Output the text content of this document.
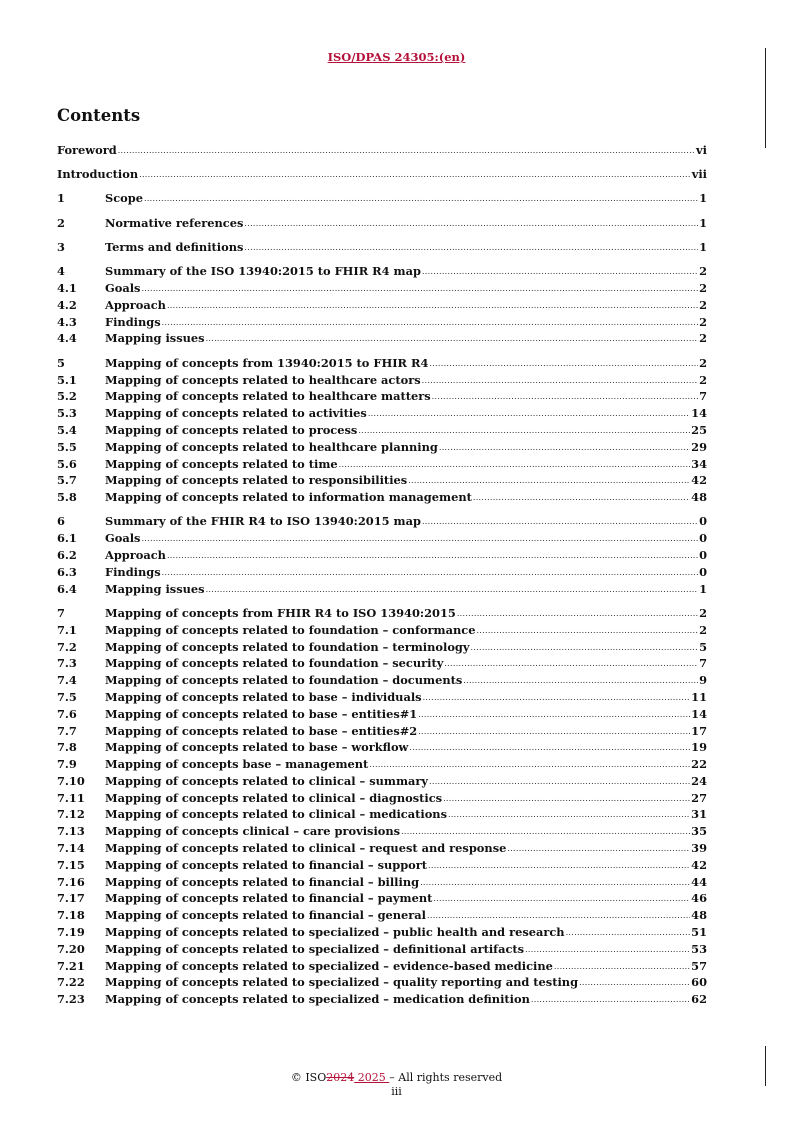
ISO/DPAS 24305:(en)
Contents
Foreword .....	vi
Introduction .....	vii
1	Scope .....	1
2	Normative references .....	1
3	Terms and definitions .....	1
4	Summary of the ISO 13940:2015 to FHIR R4 map .....	2
4.1	Goals .....	2
4.2	Approach .....	2
4.3	Findings .....	2
4.4	Mapping issues .....	2
5	Mapping of concepts from 13940:2015 to FHIR R4 .....	2
5.1	Mapping of concepts related to healthcare actors .....	2
5.2	Mapping of concepts related to healthcare matters .....	7
5.3	Mapping of concepts related to activities .....	14
5.4	Mapping of concepts related to process .....	25
5.5	Mapping of concepts related to healthcare planning .....	29
5.6	Mapping of concepts related to time .....	34
5.7	Mapping of concepts related to responsibilities .....	42
5.8	Mapping of concepts related to information management .....	48
6	Summary of the FHIR R4 to ISO 13940:2015 map .....	0
6.1	Goals .....	0
6.2	Approach .....	0
6.3	Findings .....	0
6.4	Mapping issues .....	1
7	Mapping of concepts from FHIR R4 to ISO 13940:2015 .....	2
7.1	Mapping of concepts related to foundation – conformance .....	2
7.2	Mapping of concepts related to foundation – terminology .....	5
7.3	Mapping of concepts related to foundation – security .....	7
7.4	Mapping of concepts related to foundation – documents .....	9
7.5	Mapping of concepts related to base – individuals .....	11
7.6	Mapping of concepts related to base – entities#1 .....	14
7.7	Mapping of concepts related to base – entities#2 .....	17
7.8	Mapping of concepts related to base – workflow .....	19
7.9	Mapping of concepts base – management .....	22
7.10	Mapping of concepts related to clinical – summary .....	24
7.11	Mapping of concepts related to clinical – diagnostics .....	27
7.12	Mapping of concepts related to clinical – medications .....	31
7.13	Mapping of concepts clinical – care provisions .....	35
7.14	Mapping of concepts related to clinical – request and response .....	39
7.15	Mapping of concepts related to financial – support .....	42
7.16	Mapping of concepts related to financial – billing .....	44
7.17	Mapping of concepts related to financial – payment .....	46
7.18	Mapping of concepts related to financial – general .....	48
7.19	Mapping of concepts related to specialized – public health and research .....	51
7.20	Mapping of concepts related to specialized – definitional artifacts .....	53
7.21	Mapping of concepts related to specialized – evidence-based medicine .....	57
7.22	Mapping of concepts related to specialized – quality reporting and testing .....	60
7.23	Mapping of concepts related to specialized – medication definition .....	62
© ISO2024 2025 – All rights reserved
iii
